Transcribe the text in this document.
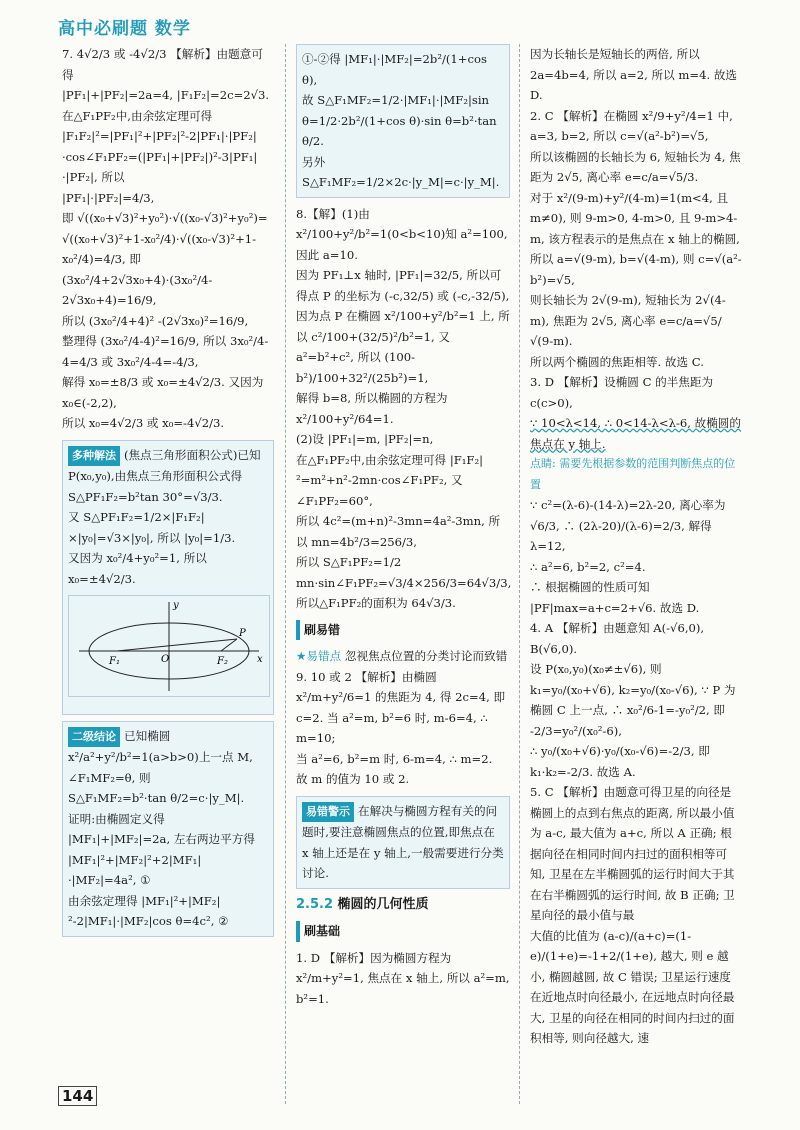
高中必刷题 数学

7. 4√2/3 或 -4√2/3 【解析】由题意可得

|PF₁|+|PF₂|=2a=4, |F₁F₂|=2c=2√3.

在△F₁PF₂中,由余弦定理可得

|F₁F₂|²=|PF₁|²+|PF₂|²-2|PF₁|·|PF₂|·cos∠F₁PF₂=(|PF₁|+|PF₂|)²-3|PF₁|·|PF₂|, 所以

|PF₁|·|PF₂|=4/3,

即 √((x₀+√3)²+y₀²)·√((x₀-√3)²+y₀²)=

√((x₀+√3)²+1-x₀²/4)·√((x₀-√3)²+1-x₀²/4)=4/3, 即 (3x₀²/4+2√3x₀+4)·(3x₀²/4-2√3x₀+4)=16/9,

所以 (3x₀²/4+4)² -(2√3x₀)²=16/9,

整理得 (3x₀²/4-4)²=16/9, 所以 3x₀²/4-4=4/3 或 3x₀²/4-4=-4/3,

解得 x₀=±8/3 或 x₀=±4√2/3. 又因为 x₀∈(-2,2),

所以 x₀=4√2/3 或 x₀=-4√2/3.

多种解法 (焦点三角形面积公式)已知 P(x₀,y₀),由焦点三角形面积公式得

S△PF₁F₂=b²tan 30°=√3/3.

又 S△PF₁F₂=1/2×|F₁F₂|×|y₀|=√3×|y₀|, 所以 |y₀|=1/3.

又因为 x₀²/4+y₀²=1, 所以 x₀=±4√2/3.

y
x
O
F₁	F₂
P

二级结论 已知椭圆 x²/a²+y²/b²=1(a>b>0)上一点 M, ∠F₁MF₂=θ, 则

S△F₁MF₂=b²·tan θ/2=c·|y_M|.

证明:由椭圆定义得 |MF₁|+|MF₂|=2a, 左右两边平方得 |MF₁|²+|MF₂|²+2|MF₁|·|MF₂|=4a², ①

由余弦定理得 |MF₁|²+|MF₂|²-2|MF₁|·|MF₂|cos θ=4c², ②

①-②得 |MF₁|·|MF₂|=2b²/(1+cos θ),

故 S△F₁MF₂=1/2·|MF₁|·|MF₂|sin θ=1/2·2b²/(1+cos θ)·sin θ=b²·tan θ/2.

另外 S△F₁MF₂=1/2×2c·|y_M|=c·|y_M|.

8.【解】(1)由 x²/100+y²/b²=1(0<b<10)知 a²=100, 因此 a=10.

因为 PF₁⊥x 轴时, |PF₁|=32/5, 所以可得点 P 的坐标为 (-c,32/5) 或 (-c,-32/5), 因为点 P 在椭圆 x²/100+y²/b²=1 上, 所以 c²/100+(32/5)²/b²=1, 又

a²=b²+c², 所以 (100-b²)/100+32²/(25b²)=1,

解得 b=8, 所以椭圆的方程为 x²/100+y²/64=1.

(2)设 |PF₁|=m, |PF₂|=n,

在△F₁PF₂中,由余弦定理可得 |F₁F₂|²=m²+n²-2mn·cos∠F₁PF₂, 又∠F₁PF₂=60°,

所以 4c²=(m+n)²-3mn=4a²-3mn, 所以 mn=4b²/3=256/3,

所以 S△F₁PF₂=1/2 mn·sin∠F₁PF₂=√3/4×256/3=64√3/3, 所以△F₁PF₂的面积为 64√3/3.

刷易错

★易错点 忽视焦点位置的分类讨论而致错

9. 10 或 2 【解析】由椭圆 x²/m+y²/6=1 的焦距为 4, 得 2c=4, 即 c=2. 当 a²=m, b²=6 时, m-6=4, ∴ m=10;

当 a²=6, b²=m 时, 6-m=4, ∴ m=2.

故 m 的值为 10 或 2.

易错警示 在解决与椭圆方程有关的问题时,要注意椭圆焦点的位置,即焦点在 x 轴上还是在 y 轴上,一般需要进行分类讨论.
2.5.2 椭圆的几何性质
刷基础

1. D 【解析】因为椭圆方程为 x²/m+y²=1, 焦点在 x 轴上, 所以 a²=m, b²=1.

因为长轴长是短轴长的两倍, 所以 2a=4b=4, 所以 a=2, 所以 m=4. 故选 D.

2. C 【解析】在椭圆 x²/9+y²/4=1 中, a=3, b=2, 所以 c=√(a²-b²)=√5,

所以该椭圆的长轴长为 6, 短轴长为 4, 焦距为 2√5, 离心率 e=c/a=√5/3.

对于 x²/(9-m)+y²/(4-m)=1(m<4, 且 m≠0), 则 9-m>0, 4-m>0, 且 9-m>4-m, 该方程表示的是焦点在 x 轴上的椭圆,

所以 a=√(9-m), b=√(4-m), 则 c=√(a²-b²)=√5,

则长轴长为 2√(9-m), 短轴长为 2√(4-m), 焦距为 2√5, 离心率 e=c/a=√5/√(9-m).

所以两个椭圆的焦距相等. 故选 C.

3. D 【解析】设椭圆 C 的半焦距为 c(c>0),

∵ 10<λ<14, ∴ 0<14-λ<λ-6, 故椭圆的焦点在 y 轴上.

点睛: 需要先根据参数的范围判断焦点的位置

∵ c²=(λ-6)-(14-λ)=2λ-20, 离心率为 √6/3, ∴ (2λ-20)/(λ-6)=2/3, 解得 λ=12,

∴ a²=6, b²=2, c²=4.

∴ 根据椭圆的性质可知 |PF|max=a+c=2+√6. 故选 D.

4. A 【解析】由题意知 A(-√6,0), B(√6,0).

设 P(x₀,y₀)(x₀≠±√6), 则 k₁=y₀/(x₀+√6), k₂=y₀/(x₀-√6), ∵ P 为椭圆 C 上一点, ∴ x₀²/6-1=-y₀²/2, 即 -2/3=y₀²/(x₀²-6),

∴ y₀/(x₀+√6)·y₀/(x₀-√6)=-2/3, 即 k₁·k₂=-2/3. 故选 A.

5. C 【解析】由题意可得卫星的向径是椭圆上的点到右焦点的距离, 所以最小值为 a-c, 最大值为 a+c, 所以 A 正确; 根据向径在相同时间内扫过的面积相等可知, 卫星在左半椭圆弧的运行时间大于其在右半椭圆弧的运行时间, 故 B 正确; 卫星向径的最小值与最

大值的比值为 (a-c)/(a+c)=(1-e)/(1+e)=-1+2/(1+e), 越大, 则 e 越小, 椭圆越圆, 故 C 错误; 卫星运行速度在近地点时向径最小, 在远地点时向径最大, 卫星的向径在相同的时间内扫过的面积相等, 则向径越大, 速

144
